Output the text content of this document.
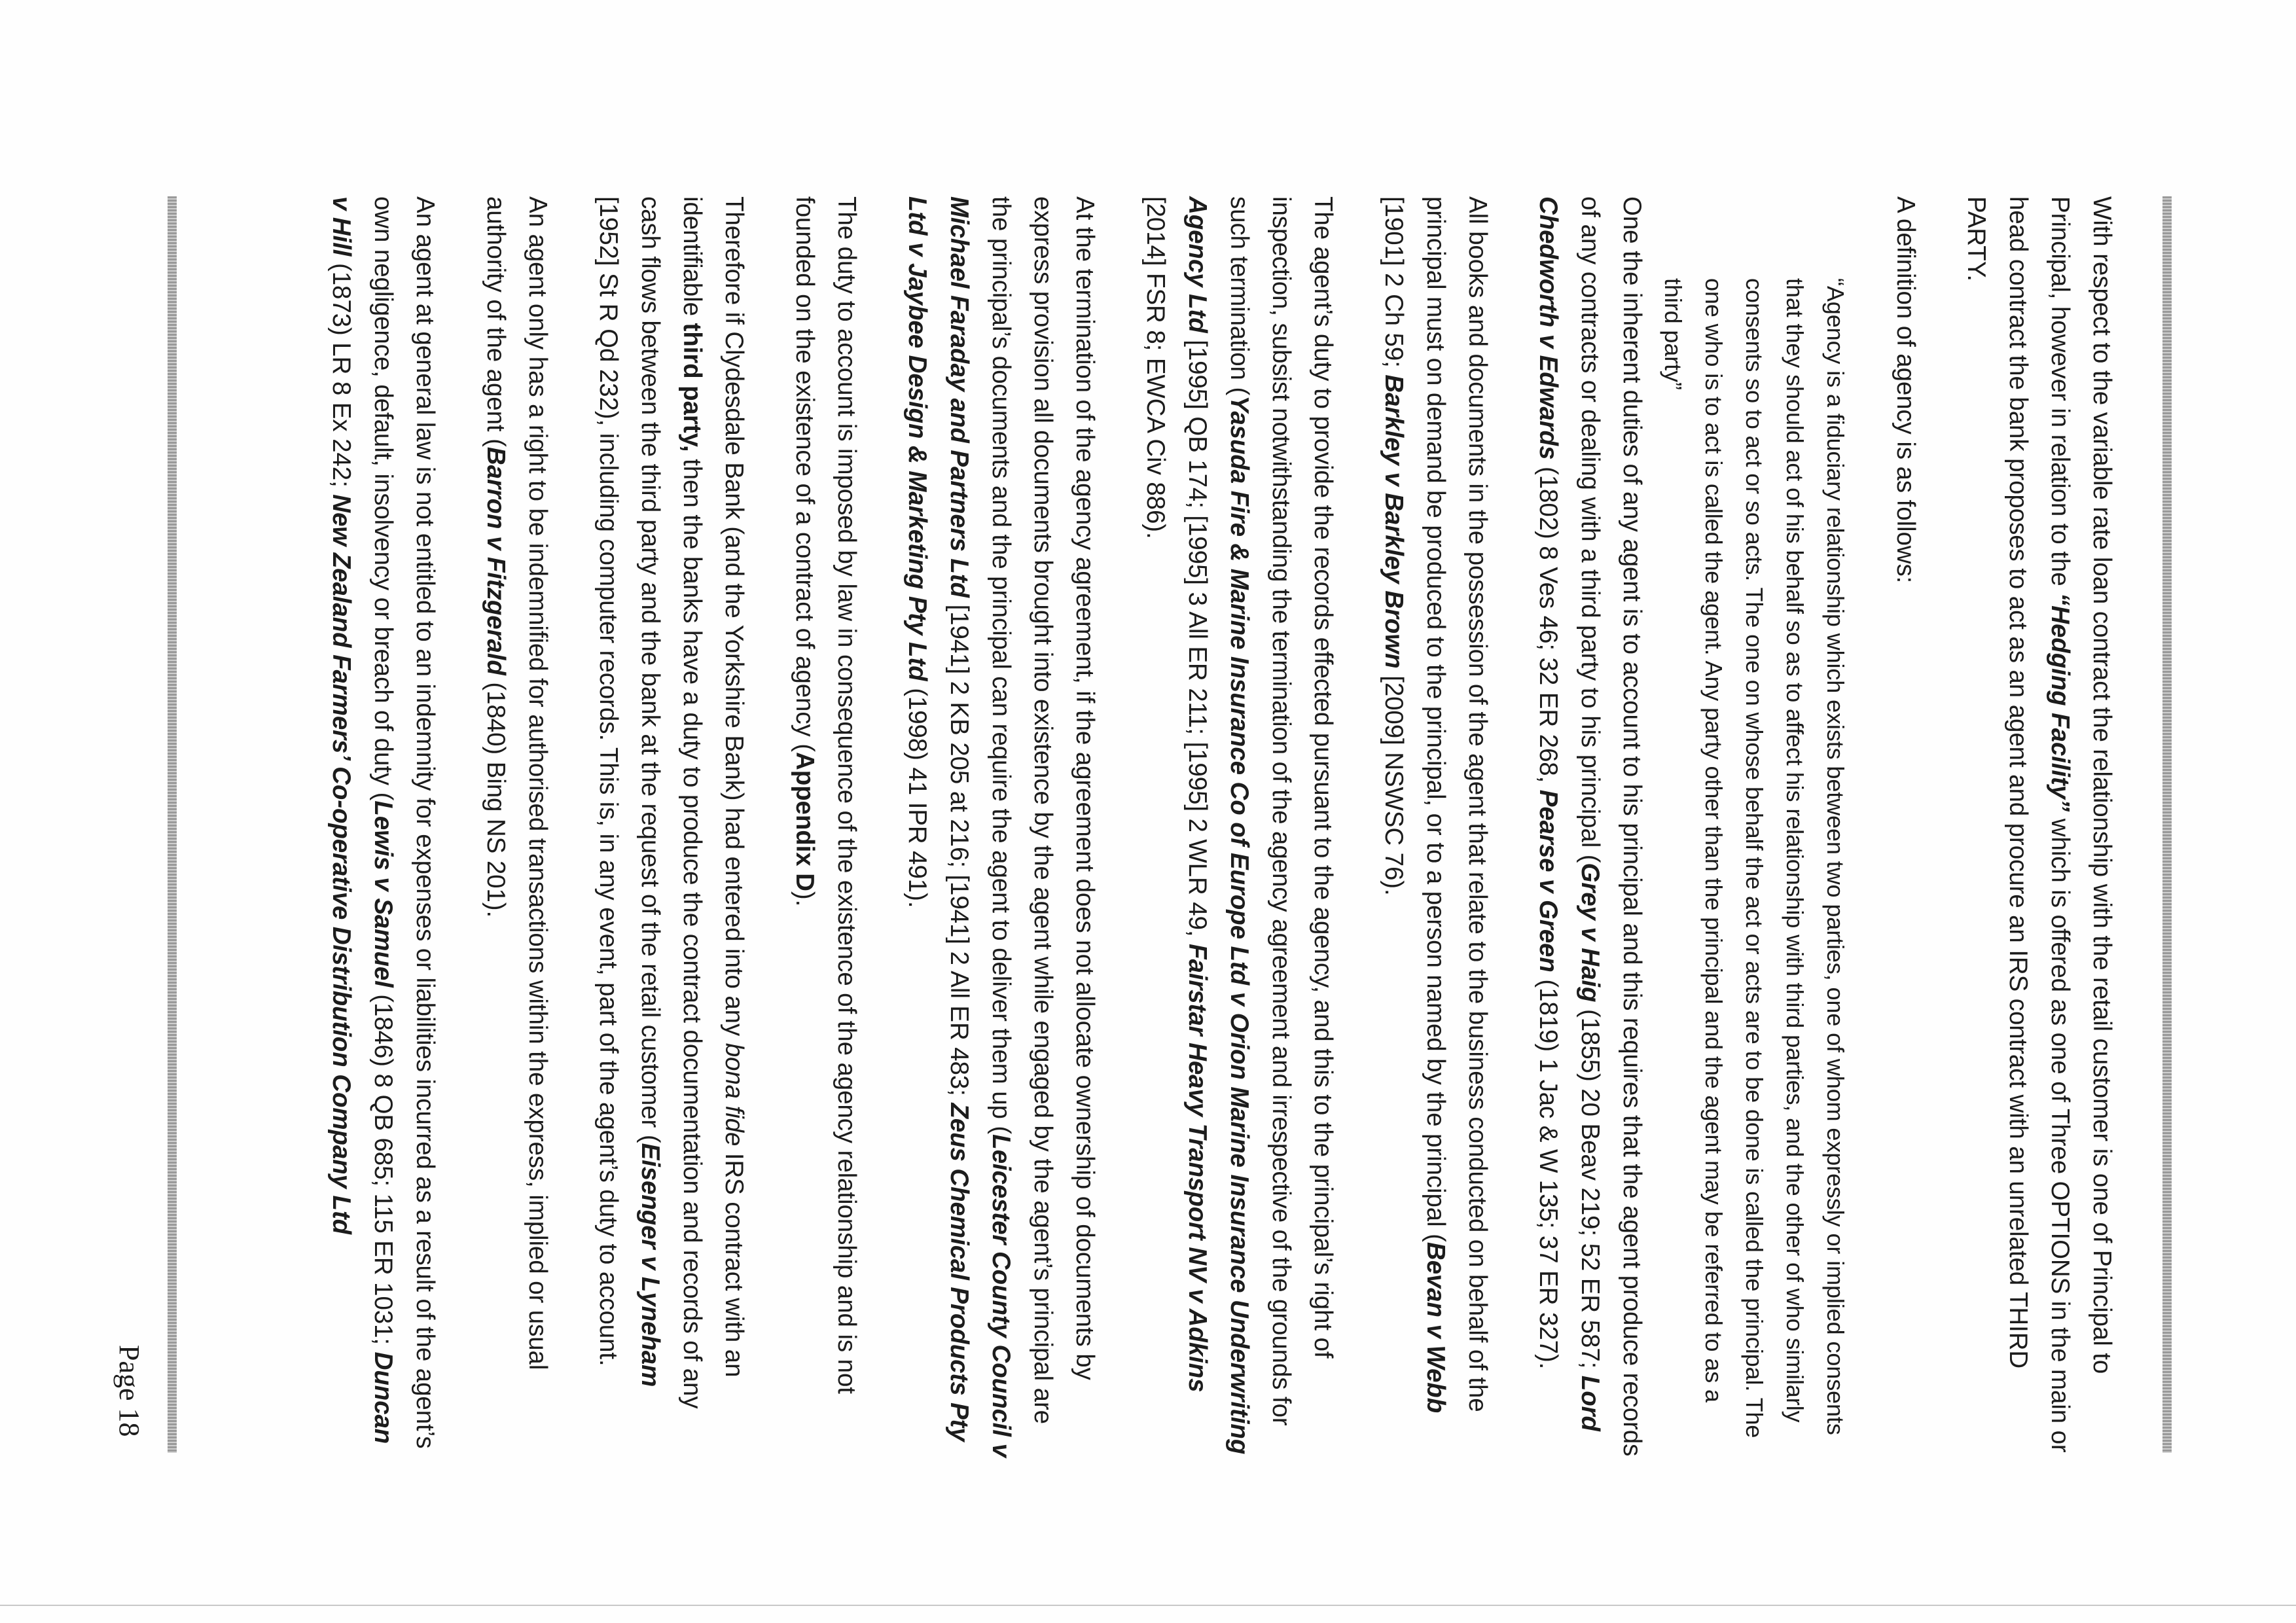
With respect to the variable rate loan contract the relationship with the retail customer is one of Principal to Principal, however in relation to the “Hedging Facility” which is offered as one of Three OPTIONS in the main or head contract the bank proposes to act as an agent and procure an IRS contract with an unrelated THIRD PARTY.

A definition of agency is as follows:

“Agency is a fiduciary relationship which exists between two parties, one of whom expressly or implied consents that they should act of his behalf so as to affect his relationship with third parties, and the other of who similarly consents so to act or so acts. The one on whose behalf the act or acts are to be done is called the principal. The one who is to act is called the agent. Any party other than the principal and the agent may be referred to as a third party”

One the inherent duties of any agent is to account to his principal and this requires that the agent produce records of any contracts or dealing with a third party to his principal (Grey v Haig (1855) 20 Beav 219; 52 ER 587; Lord Chedworth v Edwards (1802) 8 Ves 46; 32 ER 268, Pearse v Green (1819) 1 Jac & W 135; 37 ER 327).

All books and documents in the possession of the agent that relate to the business conducted on behalf of the principal must on demand be produced to the principal, or to a person named by the principal (Bevan v Webb [1901] 2 Ch 59; Barkley v Barkley Brown [2009] NSWSC 76).

The agent’s duty to provide the records effected pursuant to the agency, and this to the principal’s right of inspection, subsist notwithstanding the termination of the agency agreement and irrespective of the grounds for such termination (Yasuda Fire & Marine Insurance Co of Europe Ltd v Orion Marine Insurance Underwriting Agency Ltd [1995] QB 174; [1995] 3 All ER 211; [1995] 2 WLR 49, Fairstar Heavy Transport NV v Adkins [2014] FSR 8; EWCA Civ 886).

At the termination of the agency agreement, if the agreement does not allocate ownership of documents by express provision all documents brought into existence by the agent while engaged by the agent’s principal are the principal’s documents and the principal can require the agent to deliver them up (Leicester County Council v Michael Faraday and Partners Ltd [1941] 2 KB 205 at 216; [1941] 2 All ER 483; Zeus Chemical Products Pty Ltd v Jaybee Design & Marketing Pty Ltd (1998) 41 IPR 491).

The duty to account is imposed by law in consequence of the existence of the agency relationship and is not founded on the existence of a contract of agency (Appendix D).

Therefore if Clydesdale Bank (and the Yorkshire Bank) had entered into any bona fide IRS contract with an identifiable third party, then the banks have a duty to produce the contract documentation and records of any cash flows between the third party and the bank at the request of the retail customer (Eisenger v Lyneham [1952] St R Qd 232), including computer records. This is, in any event, part of the agent’s duty to account.

An agent only has a right to be indemnified for authorised transactions within the express, implied or usual authority of the agent (Barron v Fitzgerald (1840) Bing NS 201).

An agent at general law is not entitled to an indemnity for expenses or liabilities incurred as a result of the agent’s own negligence, default, insolvency or breach of duty (Lewis v Samuel (1846) 8 QB 685; 115 ER 1031; Duncan v Hill (1873) LR 8 Ex 242; New Zealand Farmers’ Co-operative Distribution Company Ltd

Page 18
